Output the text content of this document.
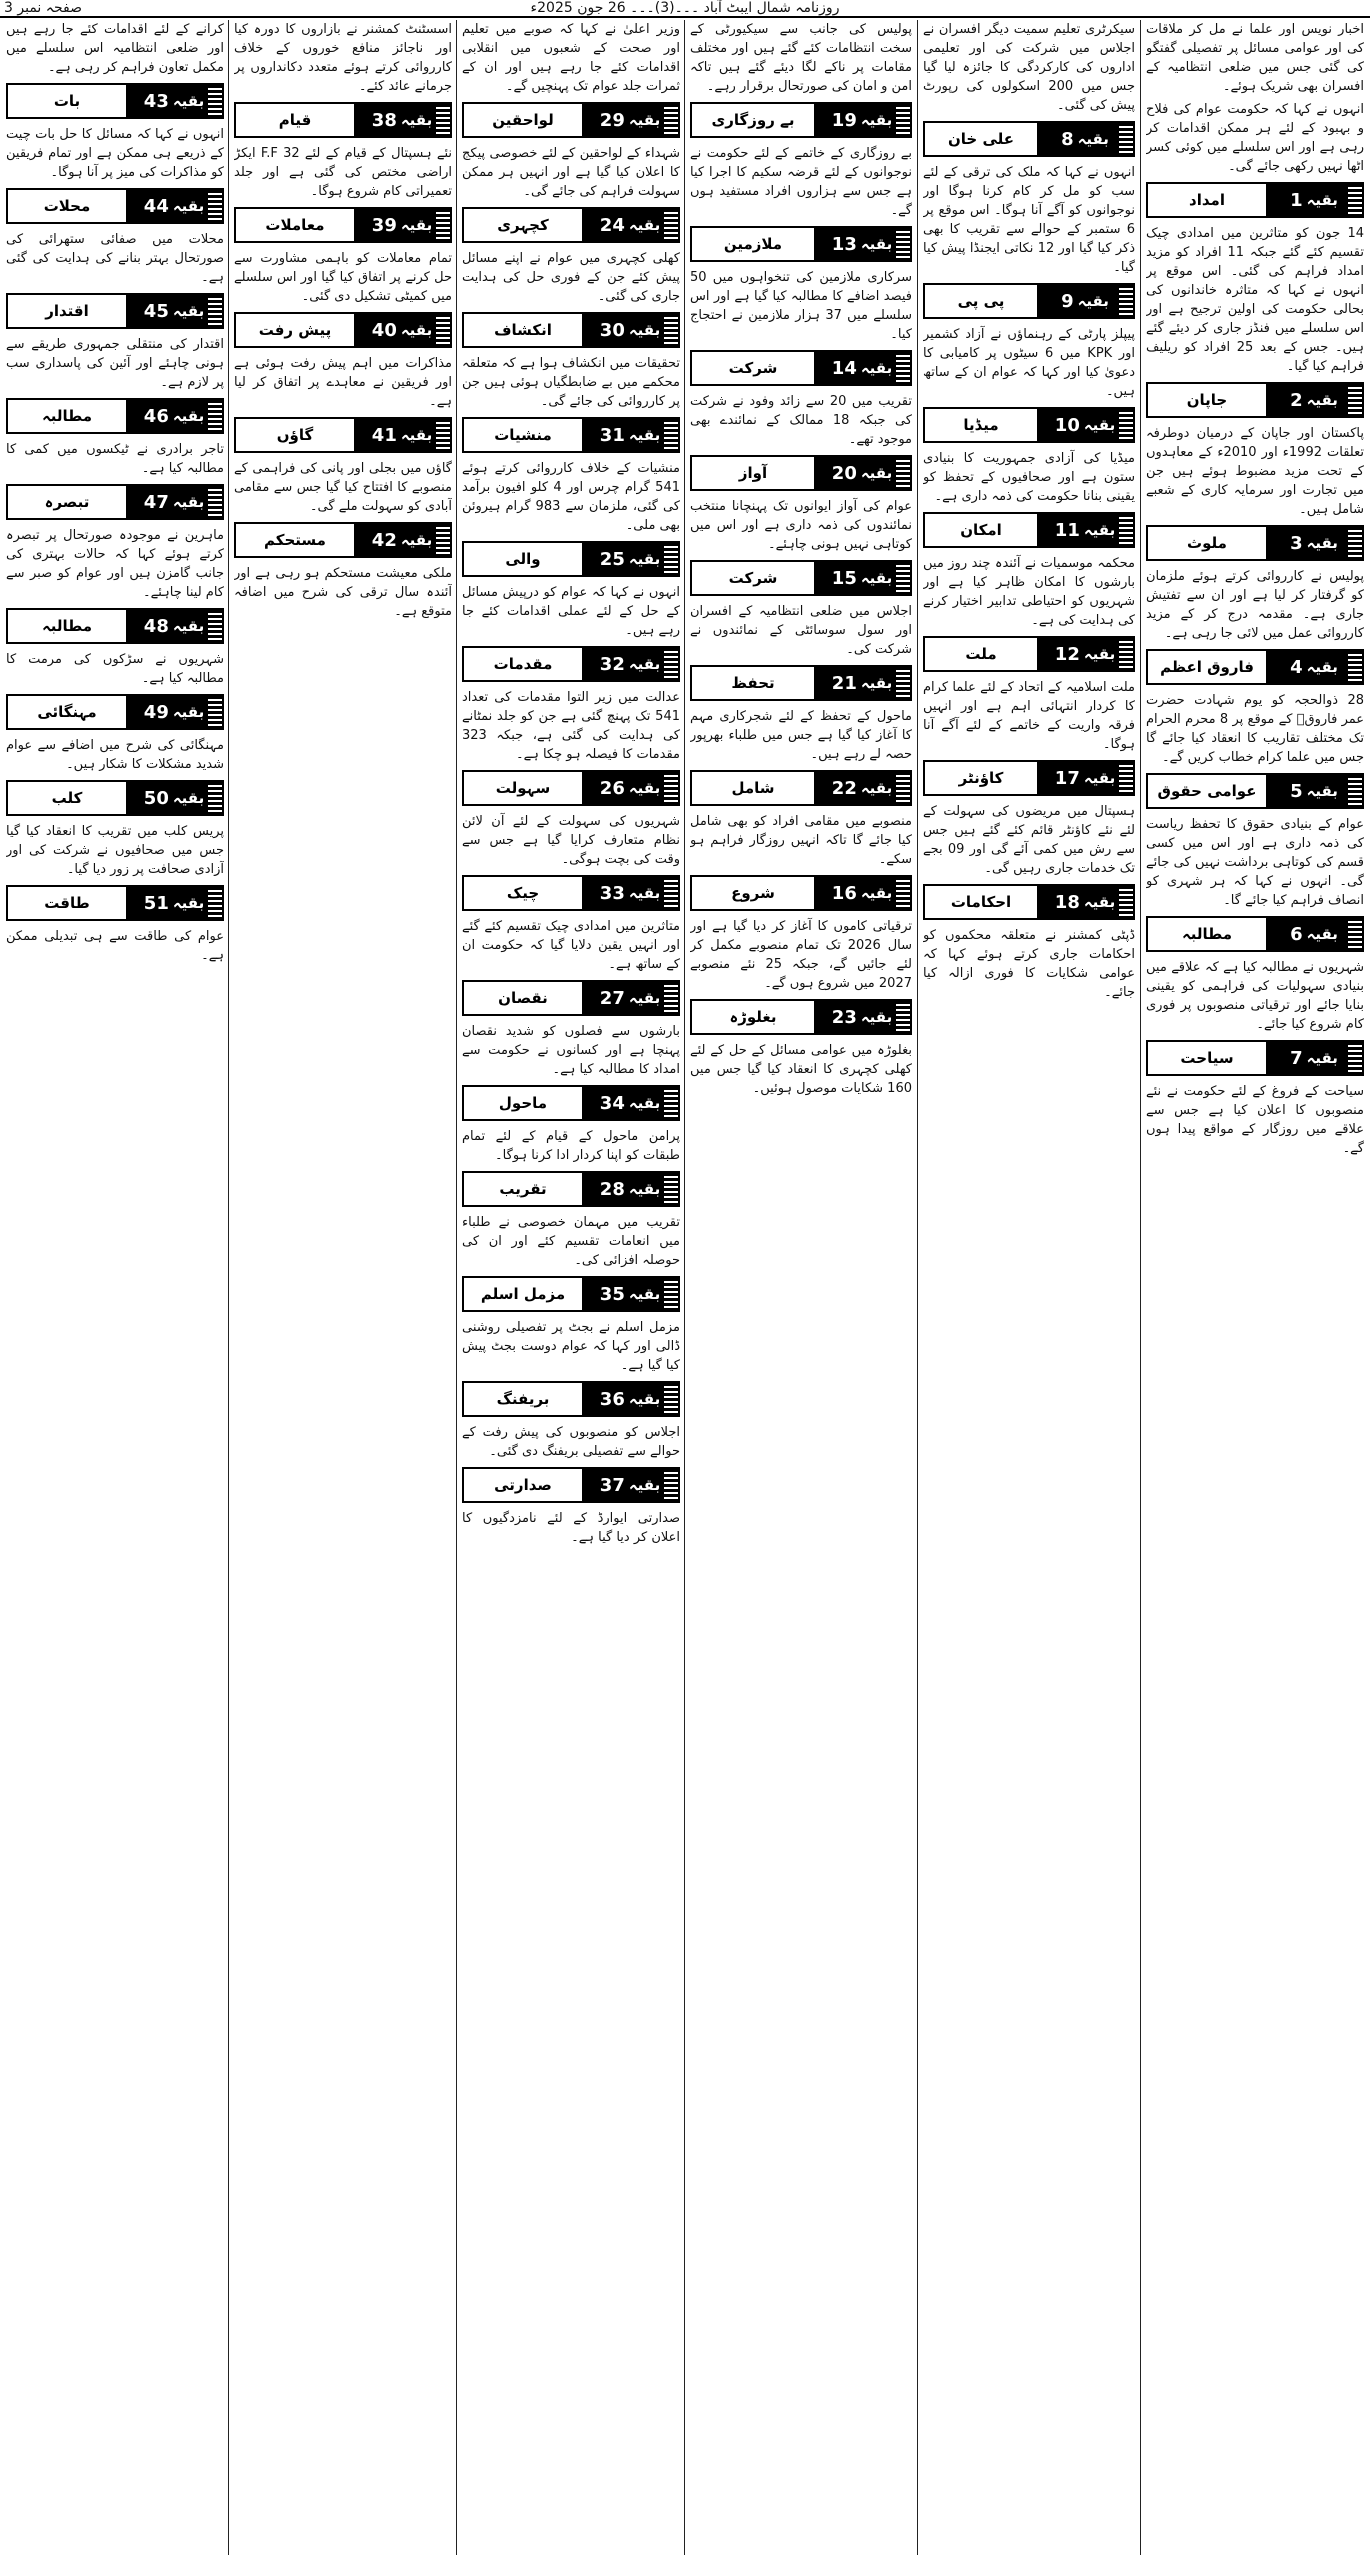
صفحہ نمبر 3	روزنامہ شمال ایبٹ آباد ۔۔۔(3)۔۔۔ 26 جون 2025ء

اخبار نویس اور علما نے مل کر ملاقات کی اور عوامی مسائل پر تفصیلی گفتگو کی گئی جس میں ضلعی انتظامیہ کے افسران بھی شریک ہوئے۔

انہوں نے کہا کہ حکومت عوام کی فلاح و بہبود کے لئے ہر ممکن اقدامات کر رہی ہے اور اس سلسلے میں کوئی کسر اٹھا نہیں رکھی جائے گی۔

امداد	1 بقیہ

14 جون کو متاثرین میں امدادی چیک تقسیم کئے گئے جبکہ 11 افراد کو مزید امداد فراہم کی گئی۔ اس موقع پر انہوں نے کہا کہ متاثرہ خاندانوں کی بحالی حکومت کی اولین ترجیح ہے اور اس سلسلے میں فنڈز جاری کر دیئے گئے ہیں۔ جس کے بعد 25 افراد کو ریلیف فراہم کیا گیا۔

جاپان	2 بقیہ

پاکستان اور جاپان کے درمیان دوطرفہ تعلقات 1992ء اور 2010ء کے معاہدوں کے تحت مزید مضبوط ہوئے ہیں جن میں تجارت اور سرمایہ کاری کے شعبے شامل ہیں۔

ملوث	3 بقیہ

پولیس نے کارروائی کرتے ہوئے ملزمان کو گرفتار کر لیا ہے اور ان سے تفتیش جاری ہے۔ مقدمہ درج کر کے مزید کارروائی عمل میں لائی جا رہی ہے۔

فاروق اعظم	4 بقیہ

28 ذوالحجہ کو یوم شہادت حضرت عمر فاروقؓ کے موقع پر 8 محرم الحرام تک مختلف تقاریب کا انعقاد کیا جائے گا جس میں علما کرام خطاب کریں گے۔

عوامی حقوق	5 بقیہ

عوام کے بنیادی حقوق کا تحفظ ریاست کی ذمہ داری ہے اور اس میں کسی قسم کی کوتاہی برداشت نہیں کی جائے گی۔ انہوں نے کہا کہ ہر شہری کو انصاف فراہم کیا جائے گا۔

مطالبہ	6 بقیہ

شہریوں نے مطالبہ کیا ہے کہ علاقے میں بنیادی سہولیات کی فراہمی کو یقینی بنایا جائے اور ترقیاتی منصوبوں پر فوری کام شروع کیا جائے۔

سیاحت	7 بقیہ

سیاحت کے فروغ کے لئے حکومت نے نئے منصوبوں کا اعلان کیا ہے جس سے علاقے میں روزگار کے مواقع پیدا ہوں گے۔

سیکرٹری تعلیم سمیت دیگر افسران نے اجلاس میں شرکت کی اور تعلیمی اداروں کی کارکردگی کا جائزہ لیا گیا جس میں 200 اسکولوں کی رپورٹ پیش کی گئی۔

علی خان	8 بقیہ

انہوں نے کہا کہ ملک کی ترقی کے لئے سب کو مل کر کام کرنا ہوگا اور نوجوانوں کو آگے آنا ہوگا۔ اس موقع پر 6 ستمبر کے حوالے سے تقریب کا بھی ذکر کیا گیا اور 12 نکاتی ایجنڈا پیش کیا گیا۔

پی پی	9 بقیہ

پیپلز پارٹی کے رہنماؤں نے آزاد کشمیر اور KPK میں 6 سیٹوں پر کامیابی کا دعویٰ کیا اور کہا کہ عوام ان کے ساتھ ہیں۔

میڈیا	10 بقیہ

میڈیا کی آزادی جمہوریت کا بنیادی ستون ہے اور صحافیوں کے تحفظ کو یقینی بنانا حکومت کی ذمہ داری ہے۔

امکان	11 بقیہ

محکمہ موسمیات نے آئندہ چند روز میں بارشوں کا امکان ظاہر کیا ہے اور شہریوں کو احتیاطی تدابیر اختیار کرنے کی ہدایت کی ہے۔

ملت	12 بقیہ

ملت اسلامیہ کے اتحاد کے لئے علما کرام کا کردار انتہائی اہم ہے اور انہیں فرقہ واریت کے خاتمے کے لئے آگے آنا ہوگا۔

کاؤنٹر	17 بقیہ

ہسپتال میں مریضوں کی سہولت کے لئے نئے کاؤنٹر قائم کئے گئے ہیں جس سے رش میں کمی آئے گی اور 09 بجے تک خدمات جاری رہیں گی۔

احکامات	18 بقیہ

ڈپٹی کمشنر نے متعلقہ محکموں کو احکامات جاری کرتے ہوئے کہا کہ عوامی شکایات کا فوری ازالہ کیا جائے۔

پولیس کی جانب سے سیکیورٹی کے سخت انتظامات کئے گئے ہیں اور مختلف مقامات پر ناکے لگا دیئے گئے ہیں تاکہ امن و امان کی صورتحال برقرار رہے۔

بے روزگاری	19 بقیہ

بے روزگاری کے خاتمے کے لئے حکومت نے نوجوانوں کے لئے قرضہ سکیم کا اجرا کیا ہے جس سے ہزاروں افراد مستفید ہوں گے۔

ملازمین	13 بقیہ

سرکاری ملازمین کی تنخواہوں میں 50 فیصد اضافے کا مطالبہ کیا گیا ہے اور اس سلسلے میں 37 ہزار ملازمین نے احتجاج کیا۔

شرکت	14 بقیہ

تقریب میں 20 سے زائد وفود نے شرکت کی جبکہ 18 ممالک کے نمائندے بھی موجود تھے۔

آواز	20 بقیہ

عوام کی آواز ایوانوں تک پہنچانا منتخب نمائندوں کی ذمہ داری ہے اور اس میں کوتاہی نہیں ہونی چاہئے۔

شرکت	15 بقیہ

اجلاس میں ضلعی انتظامیہ کے افسران اور سول سوسائٹی کے نمائندوں نے شرکت کی۔

تحفظ	21 بقیہ

ماحول کے تحفظ کے لئے شجرکاری مہم کا آغاز کیا گیا ہے جس میں طلباء بھرپور حصہ لے رہے ہیں۔

شامل	22 بقیہ

منصوبے میں مقامی افراد کو بھی شامل کیا جائے گا تاکہ انہیں روزگار فراہم ہو سکے۔

شروع	16 بقیہ

ترقیاتی کاموں کا آغاز کر دیا گیا ہے اور سال 2026 تک تمام منصوبے مکمل کر لئے جائیں گے، جبکہ 25 نئے منصوبے 2027 میں شروع ہوں گے۔

بغلوڑہ	23 بقیہ

بغلوڑہ میں عوامی مسائل کے حل کے لئے کھلی کچہری کا انعقاد کیا گیا جس میں 160 شکایات موصول ہوئیں۔

وزیر اعلیٰ نے کہا کہ صوبے میں تعلیم اور صحت کے شعبوں میں انقلابی اقدامات کئے جا رہے ہیں اور ان کے ثمرات جلد عوام تک پہنچیں گے۔

لواحقین	29 بقیہ

شہداء کے لواحقین کے لئے خصوصی پیکج کا اعلان کیا گیا ہے اور انہیں ہر ممکن سہولت فراہم کی جائے گی۔

کچہری	24 بقیہ

کھلی کچہری میں عوام نے اپنے مسائل پیش کئے جن کے فوری حل کی ہدایت جاری کی گئی۔

انکشاف	30 بقیہ

تحقیقات میں انکشاف ہوا ہے کہ متعلقہ محکمے میں بے ضابطگیاں ہوئی ہیں جن پر کارروائی کی جائے گی۔

منشیات	31 بقیہ

منشیات کے خلاف کارروائی کرتے ہوئے 541 گرام چرس اور 4 کلو افیون برآمد کی گئی، ملزمان سے 983 گرام ہیروئن بھی ملی۔

والی	25 بقیہ

انہوں نے کہا کہ عوام کو درپیش مسائل کے حل کے لئے عملی اقدامات کئے جا رہے ہیں۔

مقدمات	32 بقیہ

عدالت میں زیر التوا مقدمات کی تعداد 541 تک پہنچ گئی ہے جن کو جلد نمٹانے کی ہدایت کی گئی ہے، جبکہ 323 مقدمات کا فیصلہ ہو چکا ہے۔

سہولت	26 بقیہ

شہریوں کی سہولت کے لئے آن لائن نظام متعارف کرایا گیا ہے جس سے وقت کی بچت ہوگی۔

چیک	33 بقیہ

متاثرین میں امدادی چیک تقسیم کئے گئے اور انہیں یقین دلایا گیا کہ حکومت ان کے ساتھ ہے۔

نقصان	27 بقیہ

بارشوں سے فصلوں کو شدید نقصان پہنچا ہے اور کسانوں نے حکومت سے امداد کا مطالبہ کیا ہے۔

ماحول	34 بقیہ

پرامن ماحول کے قیام کے لئے تمام طبقات کو اپنا کردار ادا کرنا ہوگا۔

تقریب	28 بقیہ

تقریب میں مہمان خصوصی نے طلباء میں انعامات تقسیم کئے اور ان کی حوصلہ افزائی کی۔

مزمل اسلم	35 بقیہ

مزمل اسلم نے بجٹ پر تفصیلی روشنی ڈالی اور کہا کہ عوام دوست بجٹ پیش کیا گیا ہے۔

بریفنگ	36 بقیہ

اجلاس کو منصوبوں کی پیش رفت کے حوالے سے تفصیلی بریفنگ دی گئی۔

صدارتی	37 بقیہ

صدارتی ایوارڈ کے لئے نامزدگیوں کا اعلان کر دیا گیا ہے۔

اسسٹنٹ کمشنر نے بازاروں کا دورہ کیا اور ناجائز منافع خوروں کے خلاف کارروائی کرتے ہوئے متعدد دکانداروں پر جرمانے عائد کئے۔

قیام	38 بقیہ

نئے ہسپتال کے قیام کے لئے F.F 32 ایکڑ اراضی مختص کی گئی ہے اور جلد تعمیراتی کام شروع ہوگا۔

معاملات	39 بقیہ

تمام معاملات کو باہمی مشاورت سے حل کرنے پر اتفاق کیا گیا اور اس سلسلے میں کمیٹی تشکیل دی گئی۔

پیش رفت	40 بقیہ

مذاکرات میں اہم پیش رفت ہوئی ہے اور فریقین نے معاہدے پر اتفاق کر لیا ہے۔

گاؤں	41 بقیہ

گاؤں میں بجلی اور پانی کی فراہمی کے منصوبے کا افتتاح کیا گیا جس سے مقامی آبادی کو سہولت ملے گی۔

مستحکم	42 بقیہ

ملکی معیشت مستحکم ہو رہی ہے اور آئندہ سال ترقی کی شرح میں اضافہ متوقع ہے۔

کرانے کے لئے اقدامات کئے جا رہے ہیں اور ضلعی انتظامیہ اس سلسلے میں مکمل تعاون فراہم کر رہی ہے۔

بات	43 بقیہ

انہوں نے کہا کہ مسائل کا حل بات چیت کے ذریعے ہی ممکن ہے اور تمام فریقین کو مذاکرات کی میز پر آنا ہوگا۔

محلات	44 بقیہ

محلات میں صفائی ستھرائی کی صورتحال بہتر بنانے کی ہدایت کی گئی ہے۔

اقتدار	45 بقیہ

اقتدار کی منتقلی جمہوری طریقے سے ہونی چاہئے اور آئین کی پاسداری سب پر لازم ہے۔

مطالبہ	46 بقیہ

تاجر برادری نے ٹیکسوں میں کمی کا مطالبہ کیا ہے۔

تبصرہ	47 بقیہ

ماہرین نے موجودہ صورتحال پر تبصرہ کرتے ہوئے کہا کہ حالات بہتری کی جانب گامزن ہیں اور عوام کو صبر سے کام لینا چاہئے۔

مطالبہ	48 بقیہ

شہریوں نے سڑکوں کی مرمت کا مطالبہ کیا ہے۔

مہنگائی	49 بقیہ

مہنگائی کی شرح میں اضافے سے عوام شدید مشکلات کا شکار ہیں۔

کلب	50 بقیہ

پریس کلب میں تقریب کا انعقاد کیا گیا جس میں صحافیوں نے شرکت کی اور آزادی صحافت پر زور دیا گیا۔

طاقت	51 بقیہ

عوام کی طاقت سے ہی تبدیلی ممکن ہے۔
